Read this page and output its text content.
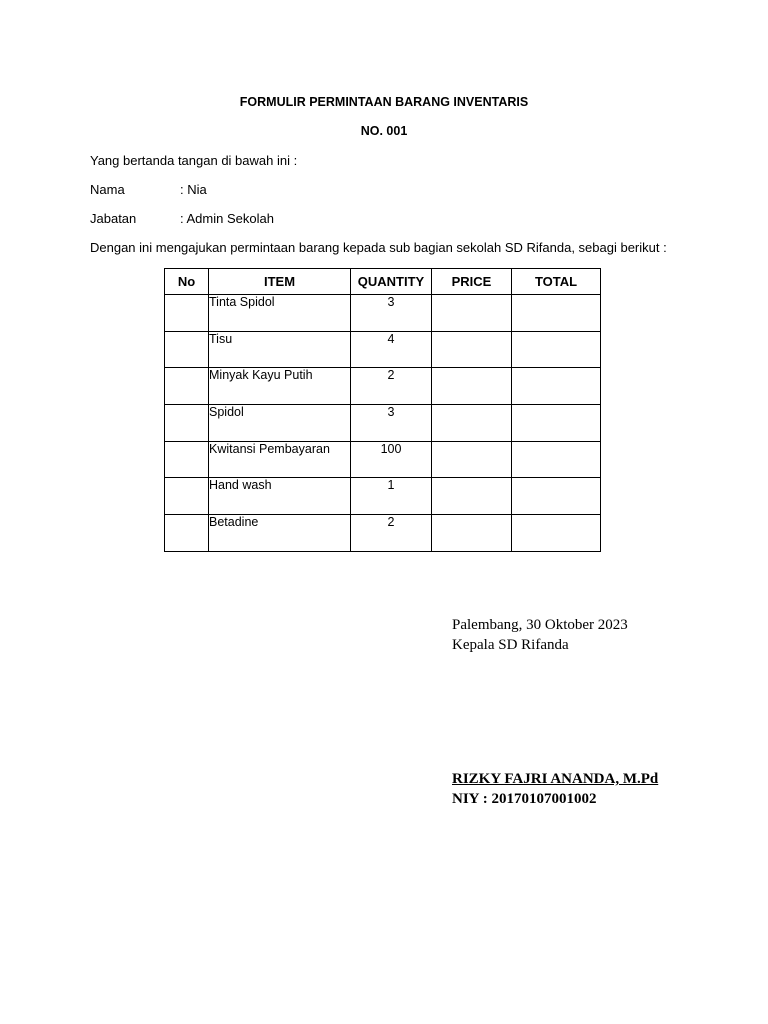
FORMULIR PERMINTAAN BARANG INVENTARIS
NO. 001
Yang bertanda tangan di bawah ini :
Nama	: Nia
Jabatan	: Admin Sekolah
Dengan ini mengajukan permintaan barang kepada sub bagian sekolah SD Rifanda, sebagi berikut :
No	ITEM	QUANTITY	PRICE	TOTAL
	Tinta Spidol	3		
	Tisu	4		
	Minyak Kayu Putih	2		
	Spidol	3		
	Kwitansi Pembayaran	100		
	Hand wash	1		
	Betadine	2		
Palembang, 30 Oktober 2023
Kepala SD Rifanda
RIZKY FAJRI ANANDA, M.Pd
NIY : 20170107001002
